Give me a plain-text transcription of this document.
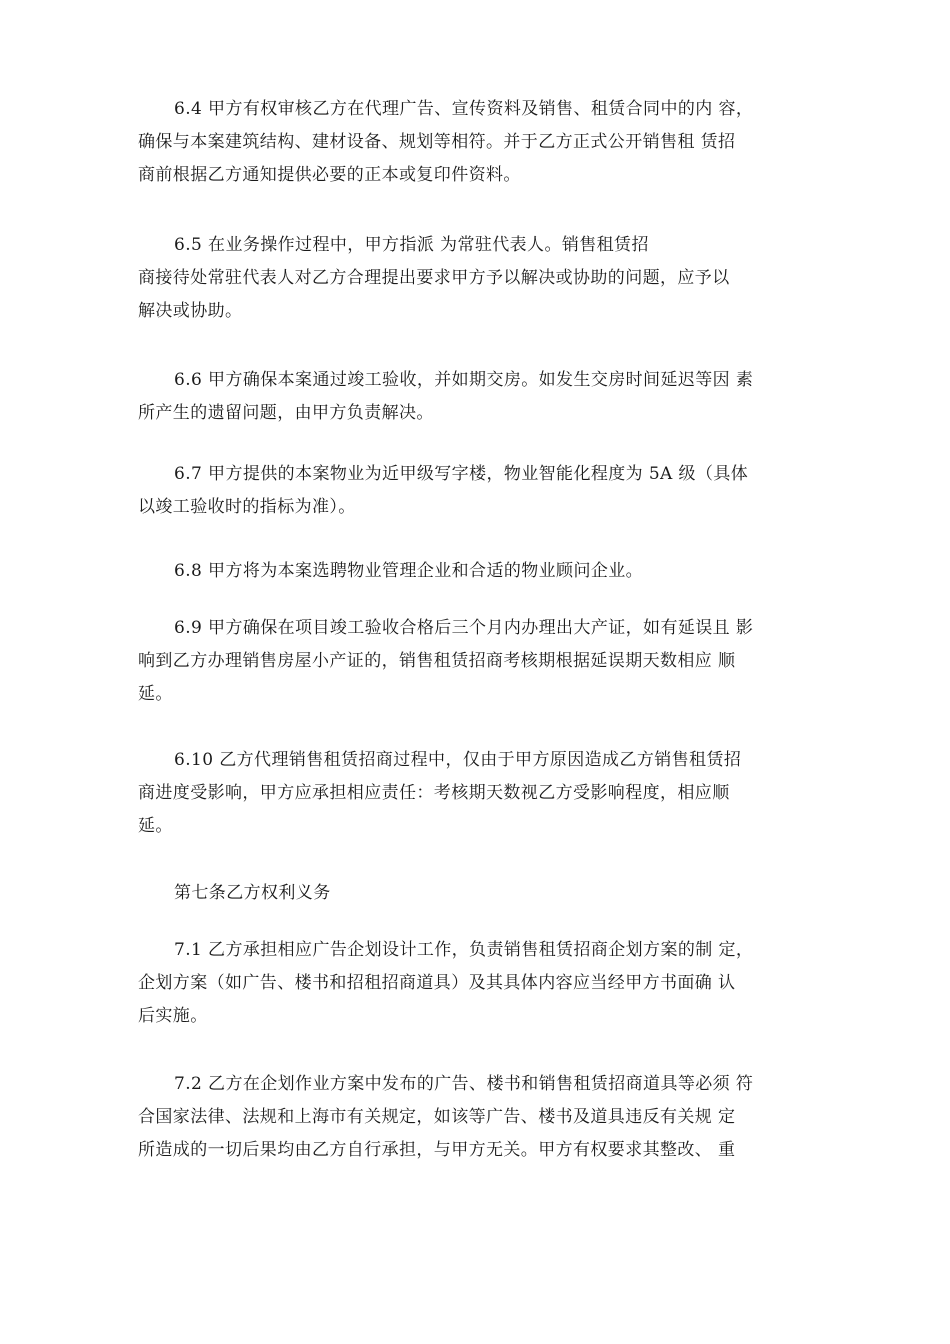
6.4 甲方有权审核乙方在代理广告、宣传资料及销售、租赁合同中的内 容，
确保与本案建筑结构、建材设备、规划等相符。并于乙方正式公开销售租 赁招
商前根据乙方通知提供必要的正本或复印件资料。
6.5 在业务操作过程中，甲方指派 为常驻代表人。销售租赁招
商接待处常驻代表人对乙方合理提出要求甲方予以解决或协助的问题，应予以
解决或协助。
6.6 甲方确保本案通过竣工验收，并如期交房。如发生交房时间延迟等因 素
所产生的遗留问题，由甲方负责解决。
6.7 甲方提供的本案物业为近甲级写字楼，物业智能化程度为 5A 级（具体
以竣工验收时的指标为准）。
6.8 甲方将为本案选聘物业管理企业和合适的物业顾问企业。
6.9 甲方确保在项目竣工验收合格后三个月内办理出大产证，如有延误且 影
响到乙方办理销售房屋小产证的，销售租赁招商考核期根据延误期天数相应 顺
延。
6.10 乙方代理销售租赁招商过程中，仅由于甲方原因造成乙方销售租赁招
商进度受影响，甲方应承担相应责任：考核期天数视乙方受影响程度，相应顺
延。
第七条乙方权利义务
7.1 乙方承担相应广告企划设计工作，负责销售租赁招商企划方案的制 定，
企划方案（如广告、楼书和招租招商道具）及其具体内容应当经甲方书面确 认
后实施。
7.2 乙方在企划作业方案中发布的广告、楼书和销售租赁招商道具等必须 符
合国家法律、法规和上海市有关规定，如该等广告、楼书及道具违反有关规 定
所造成的一切后果均由乙方自行承担，与甲方无关。甲方有权要求其整改、 重
